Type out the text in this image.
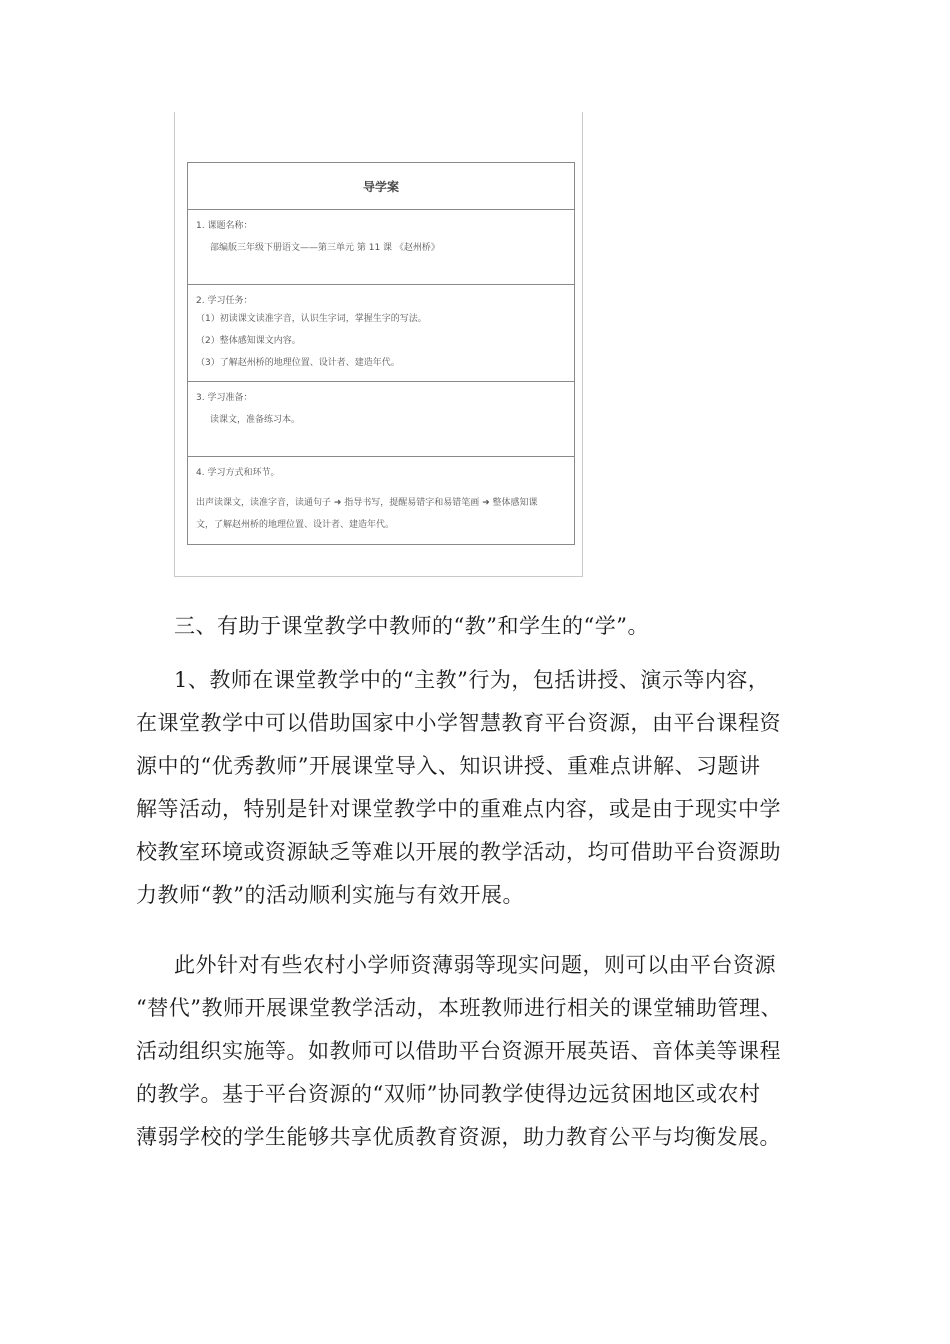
导学案
1. 课题名称：
部编版三年级下册语文——第三单元 第 11 课 《赵州桥》
2. 学习任务：
（1）初读课文读准字音，认识生字词，掌握生字的写法。
（2）整体感知课文内容。
（3）了解赵州桥的地理位置、设计者、建造年代。
3. 学习准备：
读课文，准备练习本。
4. 学习方式和环节。
出声读课文，读准字音，读通句子 ➜ 指导书写，提醒易错字和易错笔画 ➜ 整体感知课
文，了解赵州桥的地理位置、设计者、建造年代。
三、有助于课堂教学中教师的“教”和学生的“学”。
1、教师在课堂教学中的“主教”行为，包括讲授、演示等内容，
在课堂教学中可以借助国家中小学智慧教育平台资源，由平台课程资
源中的“优秀教师”开展课堂导入、知识讲授、重难点讲解、习题讲
解等活动，特别是针对课堂教学中的重难点内容，或是由于现实中学
校教室环境或资源缺乏等难以开展的教学活动，均可借助平台资源助
力教师“教”的活动顺利实施与有效开展。
此外针对有些农村小学师资薄弱等现实问题，则可以由平台资源
“替代”教师开展课堂教学活动，本班教师进行相关的课堂辅助管理、
活动组织实施等。如教师可以借助平台资源开展英语、音体美等课程
的教学。基于平台资源的“双师”协同教学使得边远贫困地区或农村
薄弱学校的学生能够共享优质教育资源，助力教育公平与均衡发展。
